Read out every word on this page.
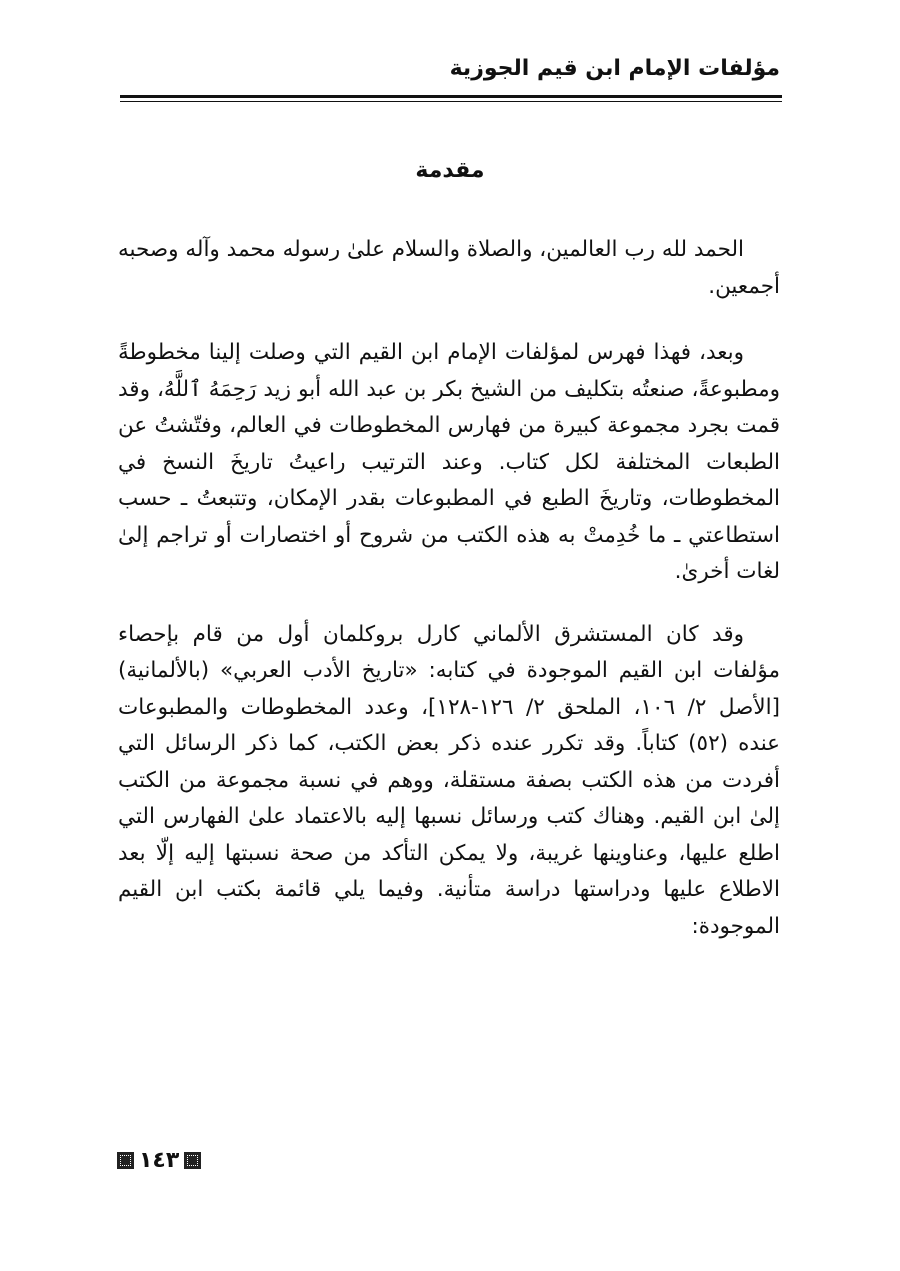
مؤلفات الإمام ابن قيم الجوزية
مقدمة

الحمد لله رب العالمين، والصلاة والسلام علىٰ رسوله محمد وآله وصحبه أجمعين.

وبعد، فهذا فهرس لمؤلفات الإمام ابن القيم التي وصلت إلينا مخطوطةً ومطبوعةً، صنعتُه بتكليف من الشيخ بكر بن عبد الله أبو زيد رَحِمَهُ ٱللَّهُ، وقد قمت بجرد مجموعة كبيرة من فهارس المخطوطات في العالم، وفتّشتُ عن الطبعات المختلفة لكل كتاب. وعند الترتيب راعيتُ تاريخَ النسخ في المخطوطات، وتاريخَ الطبع في المطبوعات بقدر الإمكان، وتتبعتُ ـ حسب استطاعتي ـ ما خُدِمتْ به هذه الكتب من شروح أو اختصارات أو تراجم إلىٰ لغات أخرىٰ.

وقد كان المستشرق الألماني كارل بروكلمان أول من قام بإحصاء مؤلفات ابن القيم الموجودة في كتابه: «تاريخ الأدب العربي» (بالألمانية) [الأصل ٢/ ١٠٦، الملحق ٢/ ١٢٦-١٢٨]، وعدد المخطوطات والمطبوعات عنده (٥٢) كتاباً. وقد تكرر عنده ذكر بعض الكتب، كما ذكر الرسائل التي أفردت من هذه الكتب بصفة مستقلة، ووهم في نسبة مجموعة من الكتب إلىٰ ابن القيم. وهناك كتب ورسائل نسبها إليه بالاعتماد علىٰ الفهارس التي اطلع عليها، وعناوينها غريبة، ولا يمكن التأكد من صحة نسبتها إليه إلّا بعد الاطلاع عليها ودراستها دراسة متأنية. وفيما يلي قائمة بكتب ابن القيم الموجودة:

١٤٣
